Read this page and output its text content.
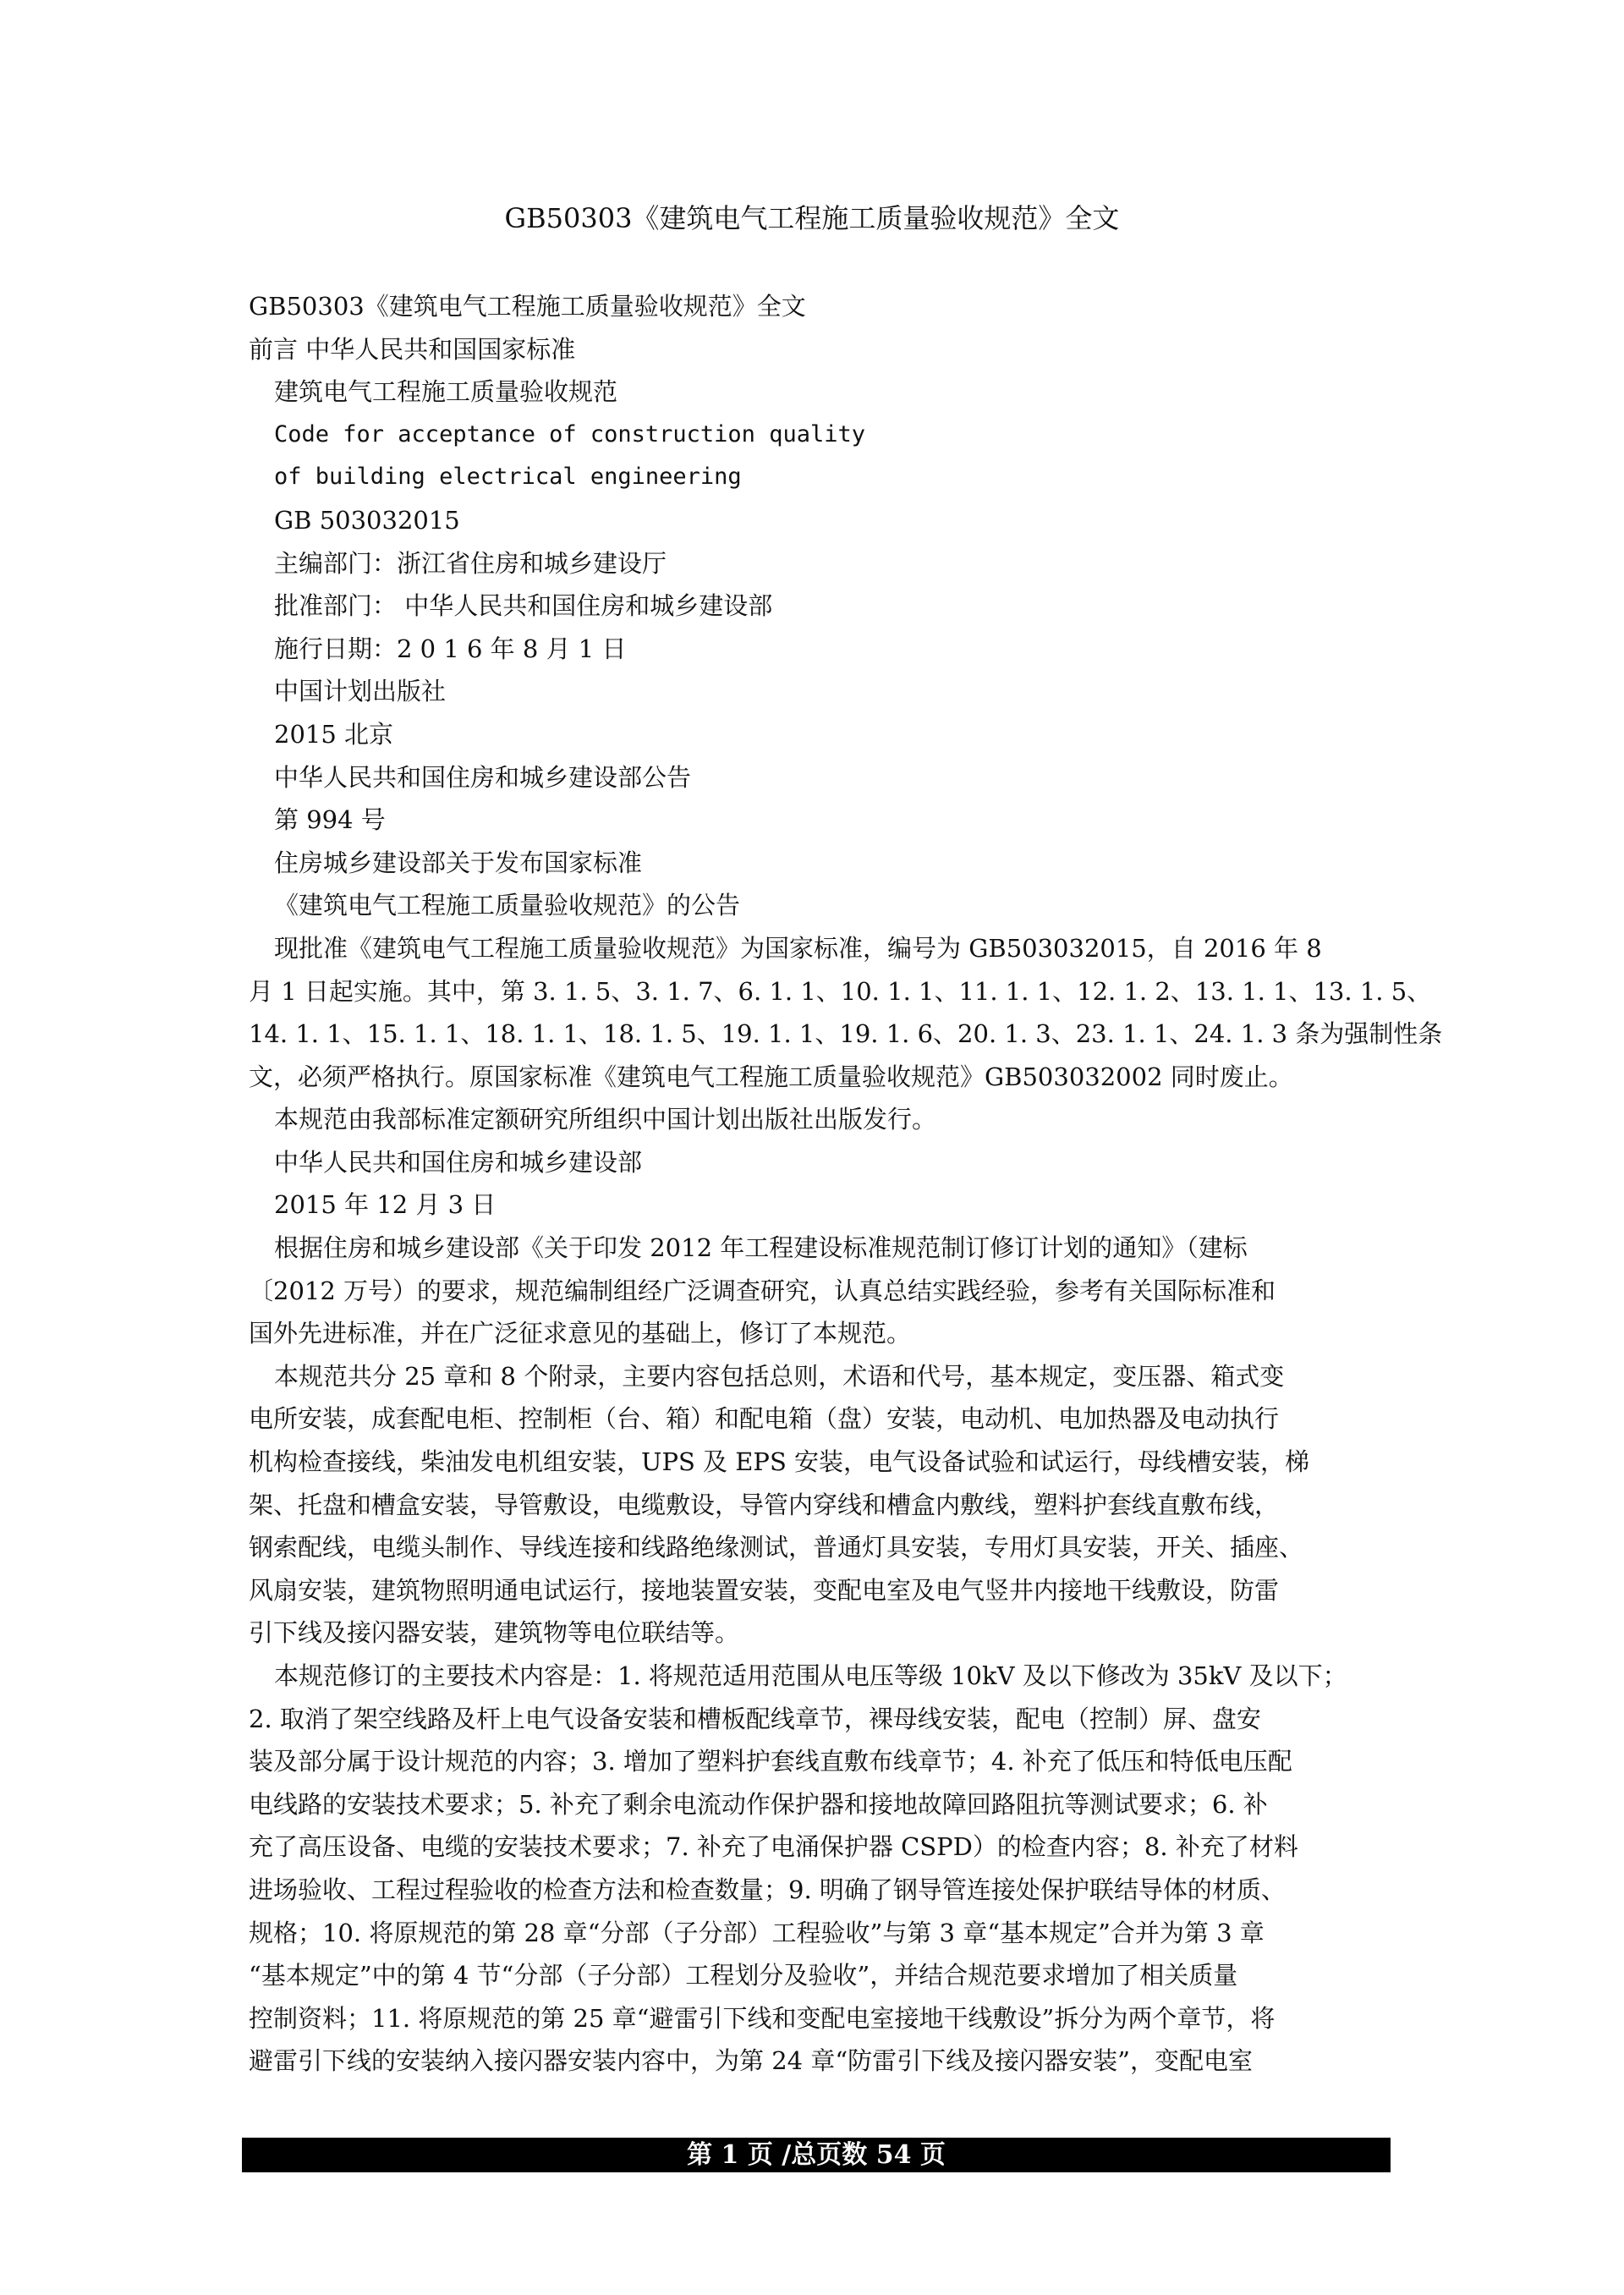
GB50303《建筑电气工程施工质量验收规范》全文
GB50303《建筑电气工程施工质量验收规范》全文
前言 中华人民共和国国家标准
建筑电气工程施工质量验收规范
Code for acceptance of construction quality
of building electrical engineering
GB 503032015
主编部门：浙江省住房和城乡建设厅
批准部门： 中华人民共和国住房和城乡建设部
施行日期：2 0 1 6 年 8 月 1 日
中国计划出版社
2015 北京
中华人民共和国住房和城乡建设部公告
第 994 号
住房城乡建设部关于发布国家标准
《建筑电气工程施工质量验收规范》的公告
现批准《建筑电气工程施工质量验收规范》为国家标准，编号为 GB503032015，自 2016 年 8
月 1 日起实施。其中，第 3. 1. 5、3. 1. 7、6. 1. 1、10. 1. 1、11. 1. 1、12. 1. 2、13. 1. 1、13. 1. 5、
14. 1. 1、15. 1. 1、18. 1. 1、18. 1. 5、19. 1. 1、19. 1. 6、20. 1. 3、23. 1. 1、24. 1. 3 条为强制性条
文，必须严格执行。原国家标准《建筑电气工程施工质量验收规范》GB503032002 同时废止。
本规范由我部标准定额研究所组织中国计划出版社出版发行。
中华人民共和国住房和城乡建设部
2015 年 12 月 3 日
根据住房和城乡建设部《关于印发 2012 年工程建设标准规范制订修订计划的通知》（建标
〔2012 万号）的要求，规范编制组经广泛调查研究，认真总结实践经验，参考有关国际标准和
国外先进标准，并在广泛征求意见的基础上，修订了本规范。
本规范共分 25 章和 8 个附录，主要内容包括总则，术语和代号，基本规定，变压器、箱式变
电所安装，成套配电柜、控制柜（台、箱）和配电箱（盘）安装，电动机、电加热器及电动执行
机构检查接线，柴油发电机组安装，UPS 及 EPS 安装，电气设备试验和试运行，母线槽安装，梯
架、托盘和槽盒安装，导管敷设，电缆敷设，导管内穿线和槽盒内敷线，塑料护套线直敷布线，
钢索配线，电缆头制作、导线连接和线路绝缘测试，普通灯具安装，专用灯具安装，开关、插座、
风扇安装，建筑物照明通电试运行，接地装置安装，变配电室及电气竖井内接地干线敷设，防雷
引下线及接闪器安装，建筑物等电位联结等。
本规范修订的主要技术内容是：1. 将规范适用范围从电压等级 10kV 及以下修改为 35kV 及以下；
2. 取消了架空线路及杆上电气设备安装和槽板配线章节，裸母线安装，配电（控制）屏、盘安
装及部分属于设计规范的内容；3. 增加了塑料护套线直敷布线章节；4. 补充了低压和特低电压配
电线路的安装技术要求；5. 补充了剩余电流动作保护器和接地故障回路阻抗等测试要求；6. 补
充了高压设备、电缆的安装技术要求；7. 补充了电涌保护器 CSPD）的检查内容；8. 补充了材料
进场验收、工程过程验收的检查方法和检查数量；9. 明确了钢导管连接处保护联结导体的材质、
规格；10. 将原规范的第 28 章“分部（子分部）工程验收”与第 3 章“基本规定”合并为第 3 章
“基本规定”中的第 4 节“分部（子分部）工程划分及验收”，并结合规范要求增加了相关质量
控制资料；11. 将原规范的第 25 章“避雷引下线和变配电室接地干线敷设”拆分为两个章节，将
避雷引下线的安装纳入接闪器安装内容中，为第 24 章“防雷引下线及接闪器安装”，变配电室
第 1 页 /总页数 54 页
